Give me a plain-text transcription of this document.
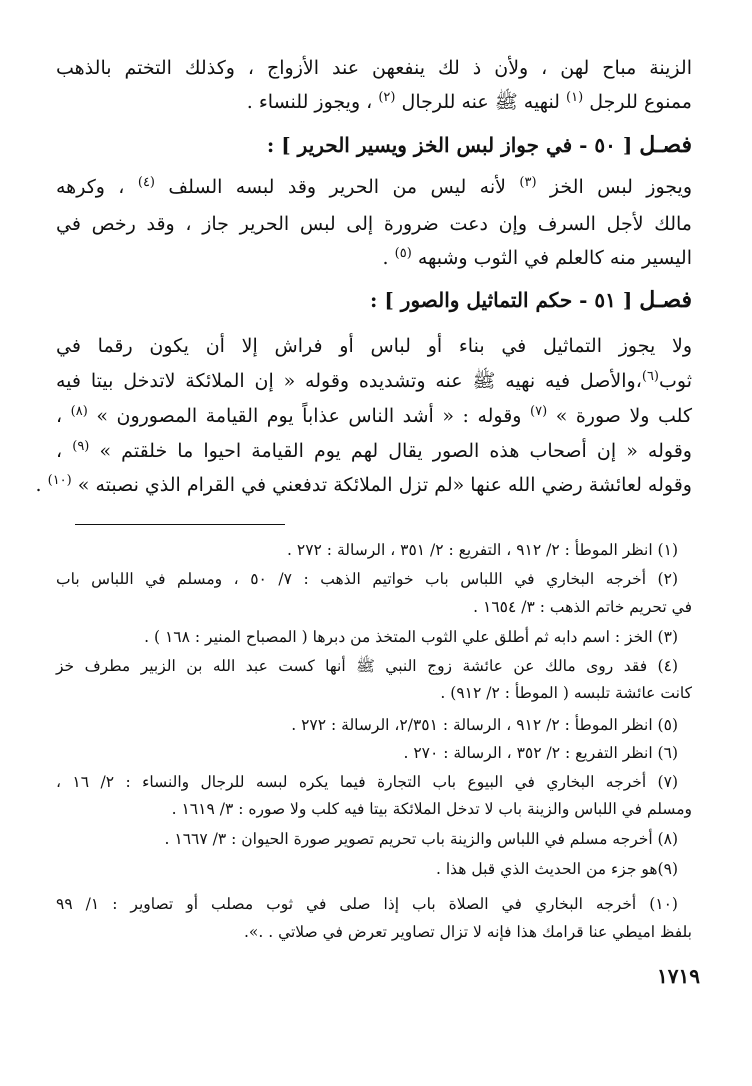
الزينة مباح لهن ، ولأن ذ لك ينفعهن عند الأزواج ، وكذلك التختم بالذهب
ممنوع للرجل $^{(١)}$ لنهيه ﷺ عنه للرجال $^{(٢)}$ ، ويجوز للنساء .
فصـل [ ٥٠ - في جواز لبس الخز ويسير الحرير ] :
ويجوز لبس الخز $^{(٣)}$ لأنه ليس من الحرير وقد لبسه السلف $^{(٤)}$ ، وكرهه
مالك لأجل السرف وإن دعت ضرورة إلى لبس الحرير جاز ، وقد رخص في
اليسير منه كالعلم في الثوب وشبهه $^{(٥)}$ .
فصـل [ ٥١ - حكم التماثيل والصور ] :
ولا يجوز التماثيل في بناء أو لباس أو فراش إلا أن يكون رقما في
ثوب$^{(٦)}$،والأصل فيه نهيه ﷺ عنه وتشديده وقوله « إن الملائكة لاتدخل بيتا فيه
كلب ولا صورة » $^{(٧)}$ وقوله : « أشد الناس عذاباً يوم القيامة المصورون » $^{(٨)}$ ،
وقوله « إن أصحاب هذه الصور يقال لهم يوم القيامة احيوا ما خلقتم » $^{(٩)}$ ،
وقوله لعائشة رضي الله عنها «لم تزل الملائكة تدفعني في القرام الذي نصبته » $^{(١٠)}$ .
(١) انظر الموطأ : ٢/ ٩١٢ ، التفريع : ٢/ ٣٥١ ، الرسالة : ٢٧٢ .
(٢) أخرجه البخاري في اللباس باب خواتيم الذهب : ٧/ ٥٠ ، ومسلم في اللباس باب
في تحريم خاتم الذهب : ٣/ ١٦٥٤ .
(٣) الخز : اسم دابه ثم أطلق علي الثوب المتخذ من دبرها ( المصباح المنير : ١٦٨ ) .
(٤) فقد روى مالك عن عائشة زوج النبي ﷺ أنها كست عبد الله بن الزبير مطرف خز
كانت عائشة تلبسه ( الموطأ : ٢/ ٩١٢) .
(٥) انظر الموطأ : ٢/ ٩١٢ ، الرسالة : ٢/٣٥١، الرسالة : ٢٧٢ .
(٦) انظر التفريع : ٢/ ٣٥٢ ، الرسالة : ٢٧٠ .
(٧) أخرجه البخاري في البيوع باب التجارة فيما يكره لبسه للرجال والنساء : ٢/ ١٦ ،
ومسلم في اللباس والزينة باب لا تدخل الملائكة بيتا فيه كلب ولا صوره : ٣/ ١٦١٩ .
(٨) أخرجه مسلم في اللباس والزينة باب تحريم تصوير صورة الحيوان : ٣/ ١٦٦٧ .
(٩)هو جزء من الحديث الذي قبل هذا .
(١٠) أخرجه البخاري في الصلاة باب إذا صلى في ثوب مصلب أو تصاوير : ١/ ٩٩
بلفظ اميطي عنا قرامك هذا فإنه لا تزال تصاوير تعرض في صلاتي . .».
١٧١٩
